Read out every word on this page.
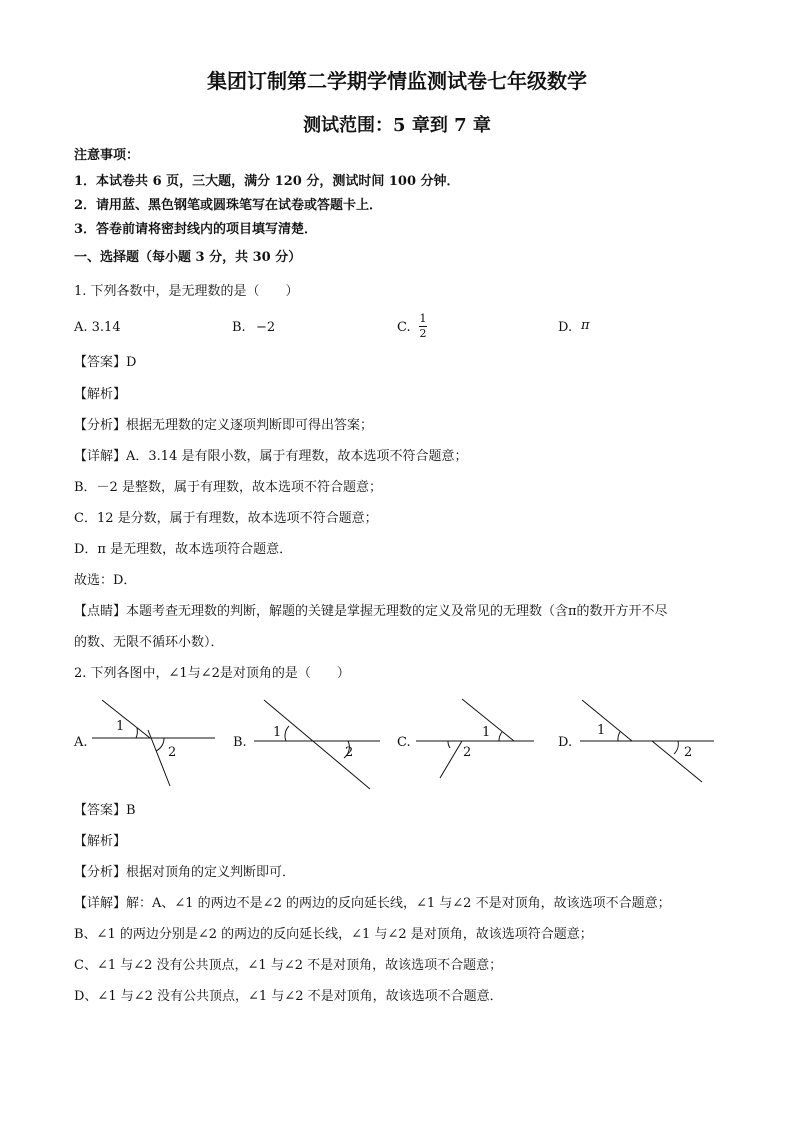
集团订制第二学期学情监测试卷七年级数学
测试范围：5 章到 7 章
注意事项：
1．本试卷共 6 页，三大题，满分 120 分，测试时间 100 分钟．
2．请用蓝、黑色钢笔或圆珠笔写在试卷或答题卡上．
3．答卷前请将密封线内的项目填写清楚．
一、选择题（每小题 3 分，共 30 分）
1. 下列各数中，是无理数的是（　　）
A. 3.14	B. −2	C.
1
2	D. π
【答案】D
【解析】
【分析】根据无理数的定义逐项判断即可得出答案；
【详解】A．3.14 是有限小数，属于有理数，故本选项不符合题意；
B．－2 是整数，属于有理数，故本选项不符合题意；
C．12 是分数，属于有理数，故本选项不符合题意；
D．π 是无理数，故本选项符合题意．
故选：D．
【点睛】本题考查无理数的判断，解题的关键是掌握无理数的定义及常见的无理数（含π的数开方开不尽
的数、无限不循环小数）．
2. 下列各图中，∠1与∠2是对顶角的是（　　）
A.	B.	C.	D.
1
2
1
2
1
2
1
2
【答案】B
【解析】
【分析】根据对顶角的定义判断即可．
【详解】解：A、∠1 的两边不是∠2 的两边的反向延长线，∠1 与∠2 不是对顶角，故该选项不合题意；
B、∠1 的两边分别是∠2 的两边的反向延长线，∠1 与∠2 是对顶角，故该选项符合题意；
C、∠1 与∠2 没有公共顶点，∠1 与∠2 不是对顶角，故该选项不合题意；
D、∠1 与∠2 没有公共顶点，∠1 与∠2 不是对顶角，故该选项不合题意．
